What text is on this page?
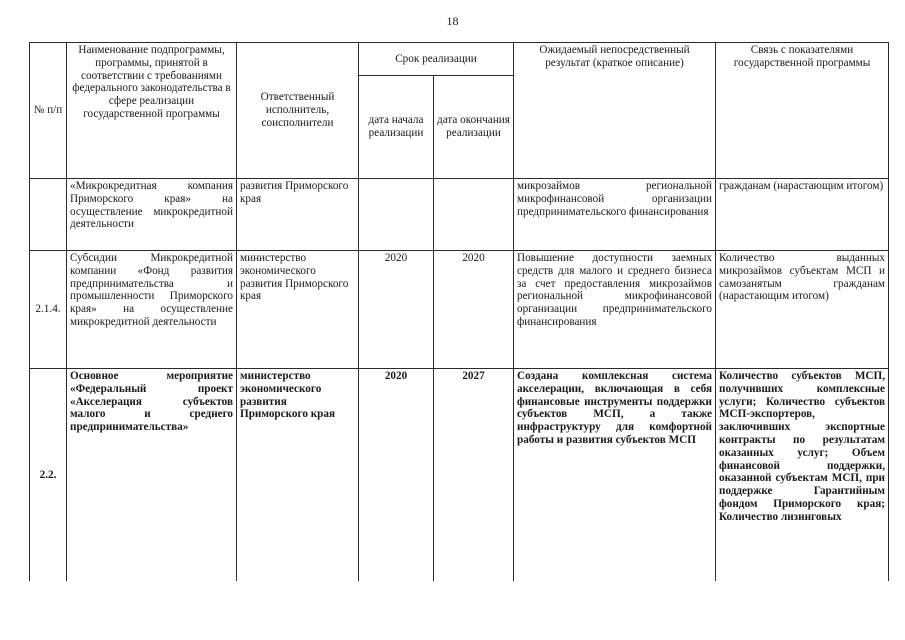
18
№ п/п	Наименование подпрограммы, программы, принятой в соответствии с требованиями федерального законодательства в сфере реализации государственной программы	Ответственный исполнитель, соисполнители	Срок реализации		Ожидаемый непосредственный результат (краткое описание)	Связь с показателями государственной программы
			дата начала реализации	дата окончания реализации		
	«Микрокредитная компания Приморского края» на осуществление микрокредитной деятельности	развития Приморского края			микрозаймов региональной микрофинансовой организации предпринимательского финансирования	гражданам (нарастающим итогом)
2.1.4.	Субсидии Микрокредитной компании «Фонд развития предпринимательства и промышленности Приморского края» на осуществление микрокредитной деятельности	министерство экономического развития Приморского края	2020	2020	Повышение доступности заемных средств для малого и среднего бизнеса за счет предоставления микрозаймов региональной микрофинансовой организации предпринимательского финансирования	Количество выданных микрозаймов субъектам МСП и самозанятым гражданам (нарастающим итогом)
2.2.	Основное мероприятие «Федеральный проект «Акселерация субъектов малого и среднего предпринимательства»	министерство экономического развития Приморского края	2020	2027	Создана комплексная система акселерации, включающая в себя финансовые инструменты поддержки субъектов МСП, а также инфраструктуру для комфортной работы и развития субъектов МСП	Количество субъектов МСП, получивших комплексные услуги; Количество субъектов МСП-экспортеров, заключивших экспортные контракты по результатам оказанных услуг; Объем финансовой поддержки, оказанной субъектам МСП, при поддержке Гарантийным фондом Приморского края; Количество лизинговых
